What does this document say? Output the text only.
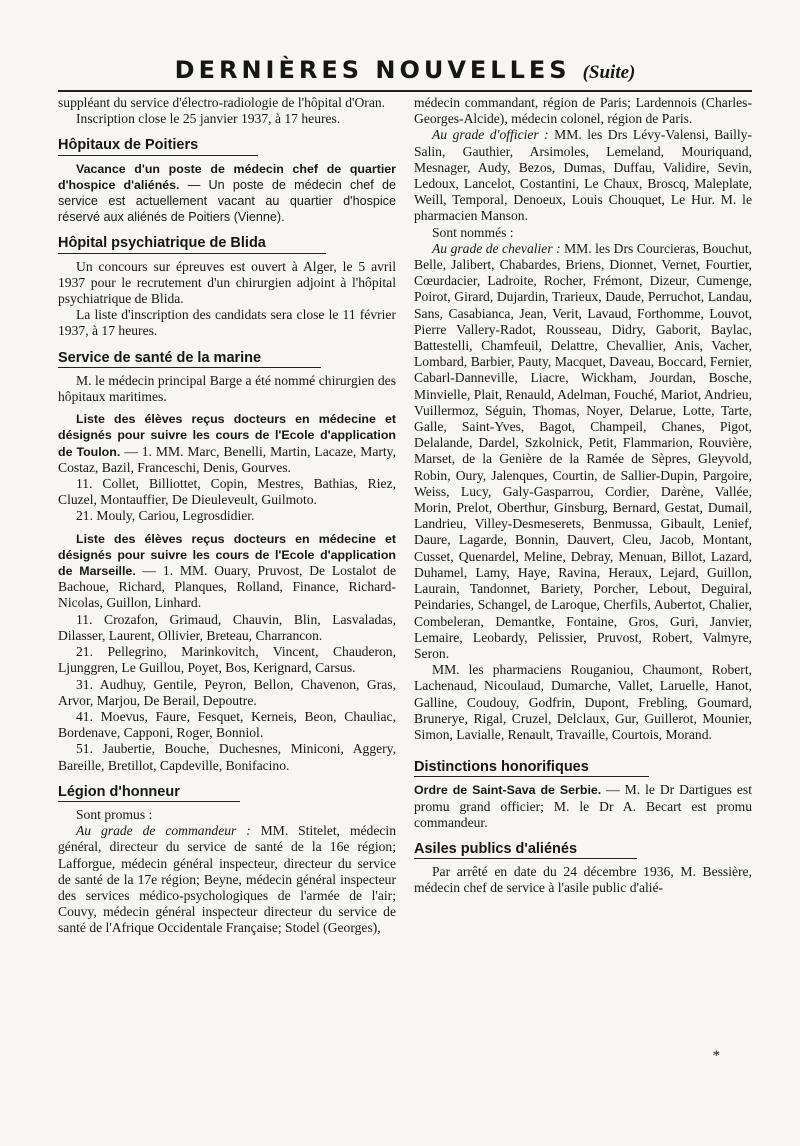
DERNIÈRES NOUVELLES (Suite)

suppléant du service d'électro-radiologie de l'hôpital d'Oran.

Inscription close le 25 janvier 1937, à 17 heures.

Hôpitaux de Poitiers

Vacance d'un poste de médecin chef de quartier d'hospice d'aliénés. — Un poste de médecin chef de service est actuellement vacant au quartier d'hospice réservé aux aliénés de Poitiers (Vienne).

Hôpital psychiatrique de Blida

Un concours sur épreuves est ouvert à Alger, le 5 avril 1937 pour le recrutement d'un chirurgien adjoint à l'hôpital psychiatrique de Blida.

La liste d'inscription des candidats sera close le 11 février 1937, à 17 heures.

Service de santé de la marine

M. le médecin principal Barge a été nommé chirurgien des hôpitaux maritimes.

Liste des élèves reçus docteurs en médecine et désignés pour suivre les cours de l'Ecole d'application de Toulon. — 1. MM. Marc, Benelli, Martin, Lacaze, Marty, Costaz, Bazil, Franceschi, Denis, Gourves.

11. Collet, Billiottet, Copin, Mestres, Bathias, Riez, Cluzel, Montauffier, De Dieuleveult, Guilmoto.

21. Mouly, Cariou, Legrosdidier.

Liste des élèves reçus docteurs en médecine et désignés pour suivre les cours de l'Ecole d'application de Marseille. — 1. MM. Ouary, Pruvost, De Lostalot de Bachoue, Richard, Planques, Rolland, Finance, Richard-Nicolas, Guillon, Linhard.

11. Crozafon, Grimaud, Chauvin, Blin, Lasvaladas, Dilasser, Laurent, Ollivier, Breteau, Charrancon.

21. Pellegrino, Marinkovitch, Vincent, Chauderon, Ljunggren, Le Guillou, Poyet, Bos, Kerignard, Carsus.

31. Audhuy, Gentile, Peyron, Bellon, Chavenon, Gras, Arvor, Marjou, De Berail, Depoutre.

41. Moevus, Faure, Fesquet, Kerneis, Beon, Chauliac, Bordenave, Capponi, Roger, Bonniol.

51. Jaubertie, Bouche, Duchesnes, Miniconi, Aggery, Bareille, Bretillot, Capdeville, Bonifacino.

Légion d'honneur

Sont promus :

Au grade de commandeur : MM. Stitelet, médecin général, directeur du service de santé de la 16e région; Lafforgue, médecin général inspecteur, directeur du service de santé de la 17e région; Beyne, médecin général inspecteur des services médico-psychologiques de l'armée de l'air; Couvy, médecin général inspecteur directeur du service de santé de l'Afrique Occidentale Française; Stodel (Georges),

médecin commandant, région de Paris; Lardennois (Charles-Georges-Alcide), médecin colonel, région de Paris.

Au grade d'officier : MM. les Drs Lévy-Valensi, Bailly-Salin, Gauthier, Arsimoles, Lemeland, Mouriquand, Mesnager, Audy, Bezos, Dumas, Duffau, Validire, Sevin, Ledoux, Lancelot, Costantini, Le Chaux, Broscq, Maleplate, Weill, Temporal, Denoeux, Louis Chouquet, Le Hur. M. le pharmacien Manson.

Sont nommés :

Au grade de chevalier : MM. les Drs Courcieras, Bouchut, Belle, Jalibert, Chabardes, Briens, Dionnet, Vernet, Fourtier, Cœurdacier, Ladroite, Rocher, Frémont, Dizeur, Cumenge, Poirot, Girard, Dujardin, Trarieux, Daude, Perruchot, Landau, Sans, Casabianca, Jean, Verit, Lavaud, Forthomme, Louvot, Pierre Vallery-Radot, Rousseau, Didry, Gaborit, Baylac, Battestelli, Chamfeuil, Delattre, Chevallier, Anis, Vacher, Lombard, Barbier, Pauty, Macquet, Daveau, Boccard, Fernier, Cabarl-Danneville, Liacre, Wickham, Jourdan, Bosche, Minvielle, Plait, Renauld, Adelman, Fouché, Mariot, Andrieu, Vuillermoz, Séguin, Thomas, Noyer, Delarue, Lotte, Tarte, Galle, Saint-Yves, Bagot, Champeil, Chanes, Pigot, Delalande, Dardel, Szkolnick, Petit, Flammarion, Rouvière, Marset, de la Genière de la Ramée de Sèpres, Gleyvold, Robin, Oury, Jalenques, Courtin, de Sallier-Dupin, Pargoire, Weiss, Lucy, Galy-Gasparrou, Cordier, Darène, Vallée, Morin, Prelot, Oberthur, Ginsburg, Bernard, Gestat, Dumail, Landrieu, Villey-Desmeserets, Benmussa, Gibault, Lenief, Daure, Lagarde, Bonnin, Dauvert, Cleu, Jacob, Montant, Cusset, Quenardel, Meline, Debray, Menuan, Billot, Lazard, Duhamel, Lamy, Haye, Ravina, Heraux, Lejard, Guillon, Laurain, Tandonnet, Bariety, Porcher, Lebout, Deguiral, Peindaries, Schangel, de Laroque, Cherfils, Aubertot, Chalier, Combeleran, Demantke, Fontaine, Gros, Guri, Janvier, Lemaire, Leobardy, Pelissier, Pruvost, Robert, Valmyre, Seron.

MM. les pharmaciens Rouganiou, Chaumont, Robert, Lachenaud, Nicoulaud, Dumarche, Vallet, Laruelle, Hanot, Galline, Coudouy, Godfrin, Dupont, Frebling, Goumard, Brunerye, Rigal, Cruzel, Delclaux, Gur, Guillerot, Mounier, Simon, Lavialle, Renault, Travaille, Courtois, Morand.

Distinctions honorifiques

Ordre de Saint-Sava de Serbie. — M. le Dr Dartigues est promu grand officier; M. le Dr A. Becart est promu commandeur.

Asiles publics d'aliénés

Par arrêté en date du 24 décembre 1936, M. Bessière, médecin chef de service à l'asile public d'alié-

*
